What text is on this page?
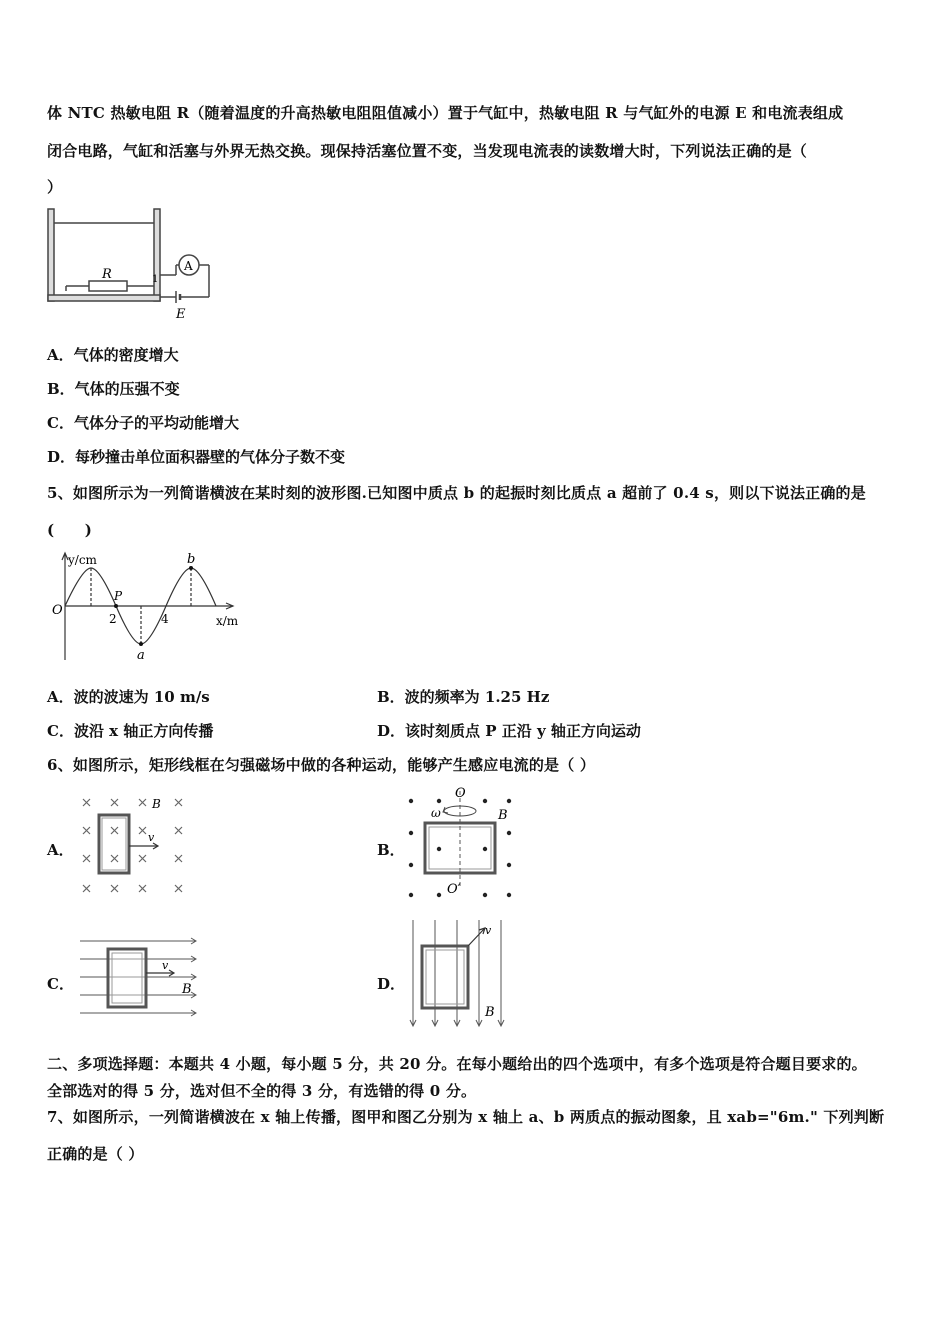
体 NTC 热敏电阻 R（随着温度的升高热敏电阻阻值减小）置于气缸中，热敏电阻 R 与气缸外的电源 E 和电流表组成
闭合电路，气缸和活塞与外界无热交换。现保持活塞位置不变，当发现电流表的读数增大时，下列说法正确的是（
）
R
A
1
E
A．气体的密度增大
B．气体的压强不变
C．气体分子的平均动能增大
D．每秒撞击单位面积器壁的气体分子数不变
5、如图所示为一列简谐横波在某时刻的波形图.已知图中质点 b 的起振时刻比质点 a 超前了 0.4 s，则以下说法正确的是
(　　)
y/cm
O
P
2	4
a
b
x/m
A．波的波速为 10 m/s	B．波的频率为 1.25 Hz
C．波沿 x 轴正方向传播	D．该时刻质点 P 正沿 y 轴正方向运动
6、如图所示，矩形线框在匀强磁场中做的各种运动，能够产生感应电流的是（ ）
A．	B．
C．	D．
B
v
O
ω	B
O′
v
B
v
B
二、多项选择题：本题共 4 小题，每小题 5 分，共 20 分。在每小题给出的四个选项中，有多个选项是符合题目要求的。
全部选对的得 5 分，选对但不全的得 3 分，有选错的得 0 分。
7、如图所示，一列简谐横波在 x 轴上传播，图甲和图乙分别为 x 轴上 a、b 两质点的振动图象，且 xab="6m." 下列判断
正确的是（ ）
